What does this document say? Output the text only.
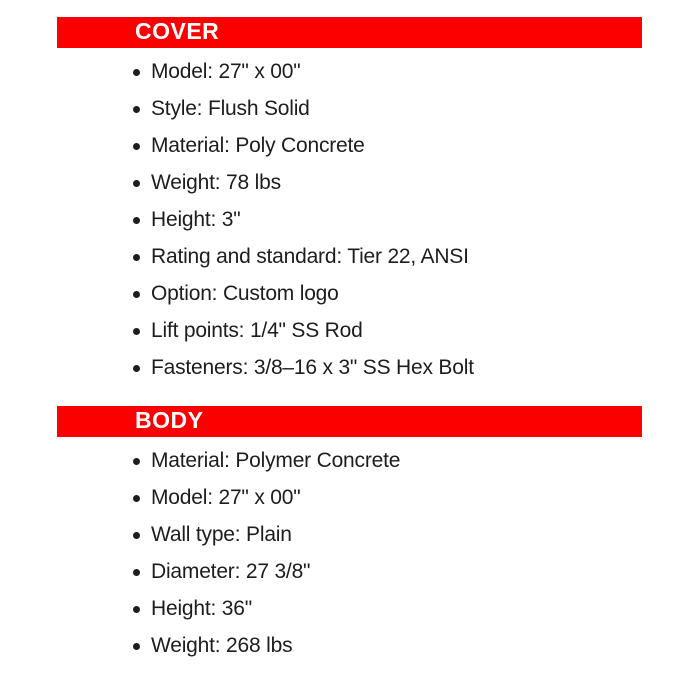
COVER
Model: 27" x 00"
Style: Flush Solid
Material: Poly Concrete
Weight: 78 lbs
Height: 3"
Rating and standard: Tier 22, ANSI
Option: Custom logo
Lift points: 1/4" SS Rod
Fasteners: 3/8–16 x 3" SS Hex Bolt
BODY
Material: Polymer Concrete
Model: 27" x 00"
Wall type: Plain
Diameter: 27 3/8"
Height: 36"
Weight: 268 lbs
